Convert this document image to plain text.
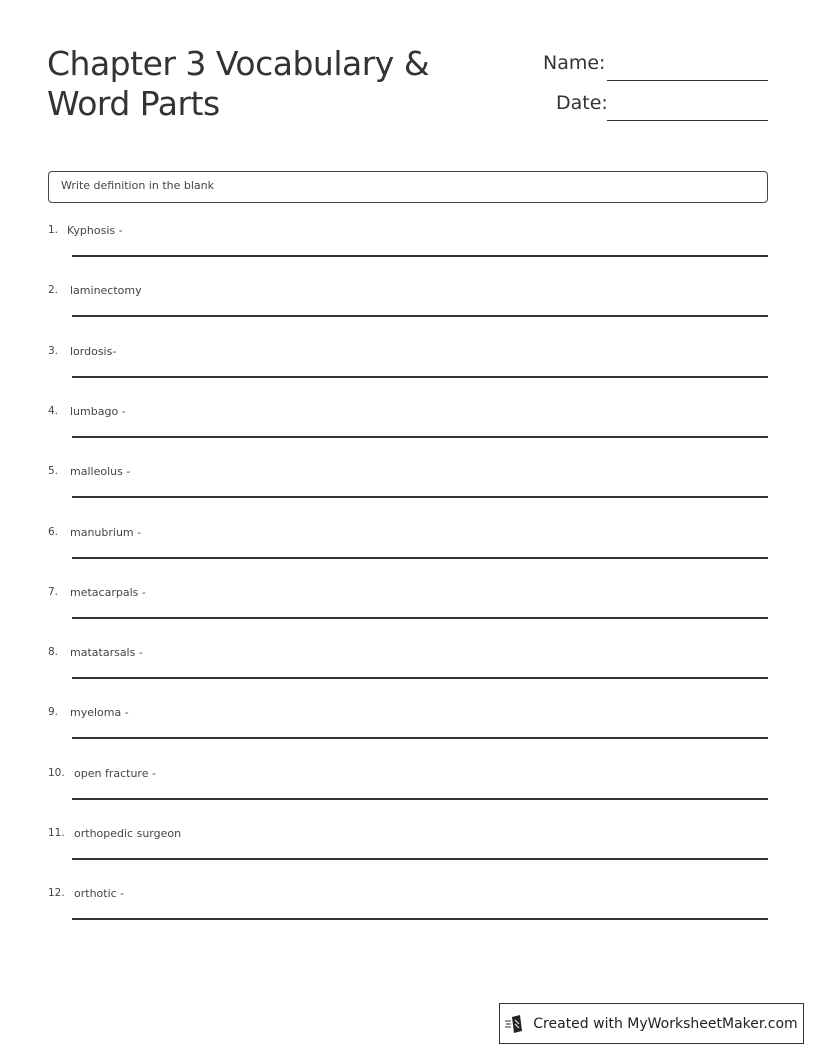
Chapter 3 Vocabulary & Word Parts
Name:
Date:
Write definition in the blank
1. Kyphosis -
2. laminectomy
3. lordosis-
4. lumbago -
5. malleolus -
6. manubrium -
7. metacarpals -
8. matatarsals -
9. myeloma -
10. open fracture -
11. orthopedic surgeon
12. orthotic -
Created with MyWorksheetMaker.com
